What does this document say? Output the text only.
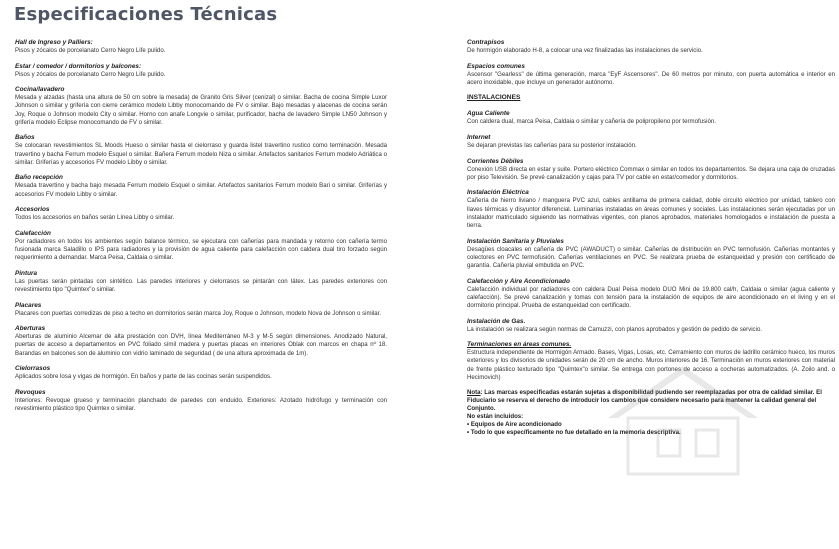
Especificaciones Técnicas
Hall de Ingreso y Palliers:

Pisos y zócalos de porcelanato Cerro Negro Life pulido.

Estar / comedor / dormitorios y balcones:

Pisos y zócalos de porcelanato Cerro Negro Life pulido.

Cocina/lavadero

Mesada y alzadas (hasta una altura de 50 cm sobre la mesada) de Granito Gris Silver (cenizal) o similar. Bacha de cocina Simple Luxor Johnson o similar y grifería con cierre cerámico modelo Libby monocomando de FV o similar. Bajo mesadas y alacenas de cocina serán Joy, Roque o Johnson modelo City o similar. Horno con anafe Longvie o similar, purificador, bacha de lavadero Simple LN50 Johnson y grifería modelo Eclipse monocomando de FV o similar.

Baños

Se colocaran revestimientos SL Moods Hueso o similar hasta el cielorraso y guarda listel travertino rustico como terminación. Mesada travertino y bacha Ferrum modelo Esquel o similar. Bañera Ferrum modelo Niza o similar. Artefactos sanitarios Ferrum modelo Adriática o similar. Griferías y accesorios FV modelo Libby o similar.

Baño recepción

Mesada travertino y bacha bajo mesada Ferrum modelo Esquel o similar. Artefactos sanitarios Ferrum modelo Bari o similar. Griferías y accesorios FV modelo Libby o similar.

Accesorios

Todos los accesorios en baños serán Línea Libby o similar.

Calefacción

Por radiadores en todos los ambientes según balance térmico, se ejecutara con cañerías para mandada y retorno con cañería termo fusionada marca Saladillo o IPS para radiadores y la provisión de agua caliente para calefacción con caldera dual tiro forzado según requerimiento a demandar. Marca Peisa, Caldaia o similar.

Pintura

Las puertas serán pintadas con sintético. Las paredes interiores y cielorrasos se pintarán con látex. Las paredes exteriores con revestimiento tipo "Quimtex"o similar.

Placares

Placares con puertas corredizas de piso a techo en dormitorios serán marca Joy, Roque o Johnson, modelo Nova de Johnson o similar.

Aberturas

Aberturas de aluminio Alcemar de alta prestación con DVH, línea Mediterráneo M-3 y M-5 según dimensiones. Anodizado Natural, puertas de acceso a departamentos en PVC foliado símil madera y puertas placas en interiores Oblak con marcos en chapa nº 18. Barandas en balcones son de aluminio con vidrio laminado de seguridad ( de una altura aproximada de 1m).

Cielorrasos

Aplicados sobre losa y vigas de hormigón. En baños y parte de las cocinas serán suspendidos.

Revoques

Interiores: Revoque grueso y terminación planchado de paredes con enduido. Exteriores: Azotado hidrófugo y terminación con revestimiento plástico tipo Quimtex o similar.

Contrapisos

De hormigón elaborado H-8, a colocar una vez finalizadas las instalaciones de servicio.

Espacios comunes

Ascensor "Gearless" de última generación, marca "EyF Ascensores". De 60 metros por minuto, con puerta automática e interior en acero inoxidable, que incluye un generador autónomo.

INSTALACIONES
Agua Caliente

Con caldera dual, marca Peisa, Caldaia o similar y cañería de polipropileno por termofusión.

Internet

Se dejaran previstas las cañerías para su posterior instalación.

Corrientes Débiles

Conexión USB directa en estar y suite. Portero eléctrico Commax o similar en todos los departamentos. Se dejara una caja de cruzadas por piso Televisión. Se prevé canalización y cajas para TV por cable en estar/comedor y dormitorios.

Instalación Eléctrica

Cañería de hierro liviano / manguera PVC azul, cables antillama de primera calidad, doble circuito eléctrico por unidad, tablero con llaves térmicas y disyuntor diferencial. Luminarias instaladas en áreas comunes y sociales. Las instalaciones serán ejecutadas por un instalador matriculado siguiendo las normativas vigentes, con planos aprobados, materiales homologados e instalación de puesta a tierra.

Instalación Sanitaria y Pluviales

Desagües cloacales en cañería de PVC (AWADUCT) o similar. Cañerías de distribución en PVC termofusión. Cañerías montantes y colectores en PVC termofusión. Cañerías ventilaciones en PVC. Se realizara prueba de estanqueidad y presión con certificado de garantía. Cañería pluvial embutida en PVC.

Calefacción y Aire Acondicionado

Calefacción individual por radiadores con caldera Dual Peisa modelo DUO Mini de 19.800 cal/h, Caldaia o similar (agua caliente y calefacción). Se prevé canalización y tomas con tensión para la instalación de equipos de aire acondicionado en el living y en el dormitorio principal. Prueba de estanqueidad con certificado.

Instalación de Gas.

La instalación se realizara según normas de Camuzzi, con planos aprobados y gestión de pedido de servicio.

Terminaciones en áreas comunes.

Estructura independiente de Hormigón Armado. Bases, Vigas, Losas, etc. Cerramiento con muros de ladrillo cerámico hueco, los muros exteriores y los divisorios de unidades serán de 20 cm de ancho. Muros interiores de 16. Terminación en muros exteriores con material de frente plástico texturado tipo "Quimtex"o similar. Se entrega con portones de acceso a cocheras automatizados. (A. Zoilo and. o Hecimovich)

Nota: Las marcas especificadas estarán sujetas a disponibilidad pudiendo ser reemplazadas por otra de calidad similar. El Fiduciario se reserva el derecho de introducir los cambios que considere necesario para mantener la calidad general del Conjunto.

No están incluidos:

• Equipos de Aire acondicionado
• Todo lo que específicamente no fue detallado en la memoria descriptiva.
